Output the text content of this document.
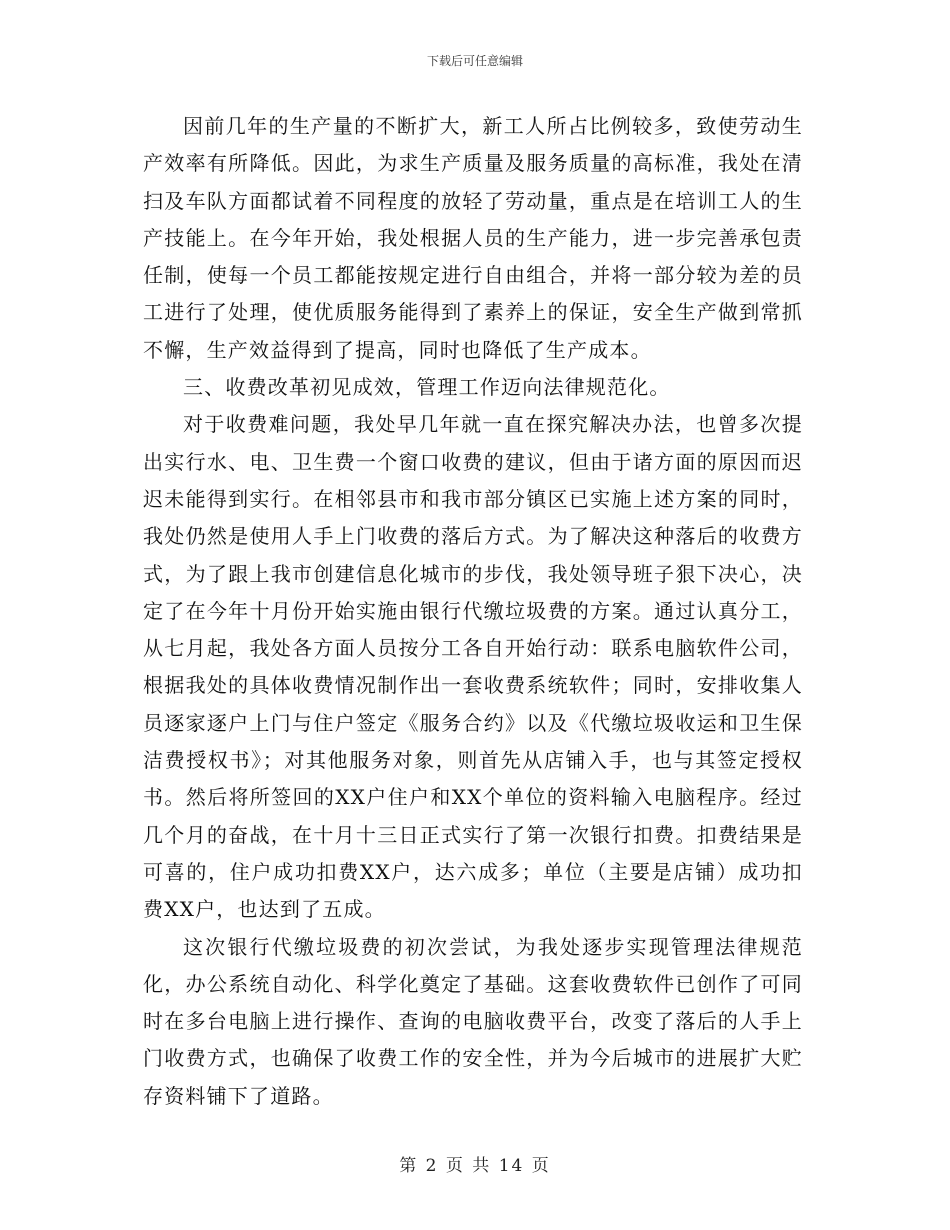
下载后可任意编辑

因前几年的生产量的不断扩大，新工人所占比例较多，致使劳动生产效率有所降低。因此，为求生产质量及服务质量的高标准，我处在清扫及车队方面都试着不同程度的放轻了劳动量，重点是在培训工人的生产技能上。在今年开始，我处根据人员的生产能力，进一步完善承包责任制，使每一个员工都能按规定进行自由组合，并将一部分较为差的员工进行了处理，使优质服务能得到了素养上的保证，安全生产做到常抓不懈，生产效益得到了提高，同时也降低了生产成本。

三、收费改革初见成效，管理工作迈向法律规范化。

对于收费难问题，我处早几年就一直在探究解决办法，也曾多次提出实行水、电、卫生费一个窗口收费的建议，但由于诸方面的原因而迟迟未能得到实行。在相邻县市和我市部分镇区已实施上述方案的同时，我处仍然是使用人手上门收费的落后方式。为了解决这种落后的收费方式，为了跟上我市创建信息化城市的步伐，我处领导班子狠下决心，决定了在今年十月份开始实施由银行代缴垃圾费的方案。通过认真分工，从七月起，我处各方面人员按分工各自开始行动：联系电脑软件公司，根据我处的具体收费情况制作出一套收费系统软件；同时，安排收集人员逐家逐户上门与住户签定《服务合约》以及《代缴垃圾收运和卫生保洁费授权书》；对其他服务对象，则首先从店铺入手，也与其签定授权书。然后将所签回的XX户住户和XX个单位的资料输入电脑程序。经过几个月的奋战，在十月十三日正式实行了第一次银行扣费。扣费结果是可喜的，住户成功扣费XX户，达六成多；单位（主要是店铺）成功扣费XX户，也达到了五成。

这次银行代缴垃圾费的初次尝试，为我处逐步实现管理法律规范化，办公系统自动化、科学化奠定了基础。这套收费软件已创作了可同时在多台电脑上进行操作、查询的电脑收费平台，改变了落后的人手上门收费方式，也确保了收费工作的安全性，并为今后城市的进展扩大贮存资料铺下了道路。

第 2 页 共 14 页
